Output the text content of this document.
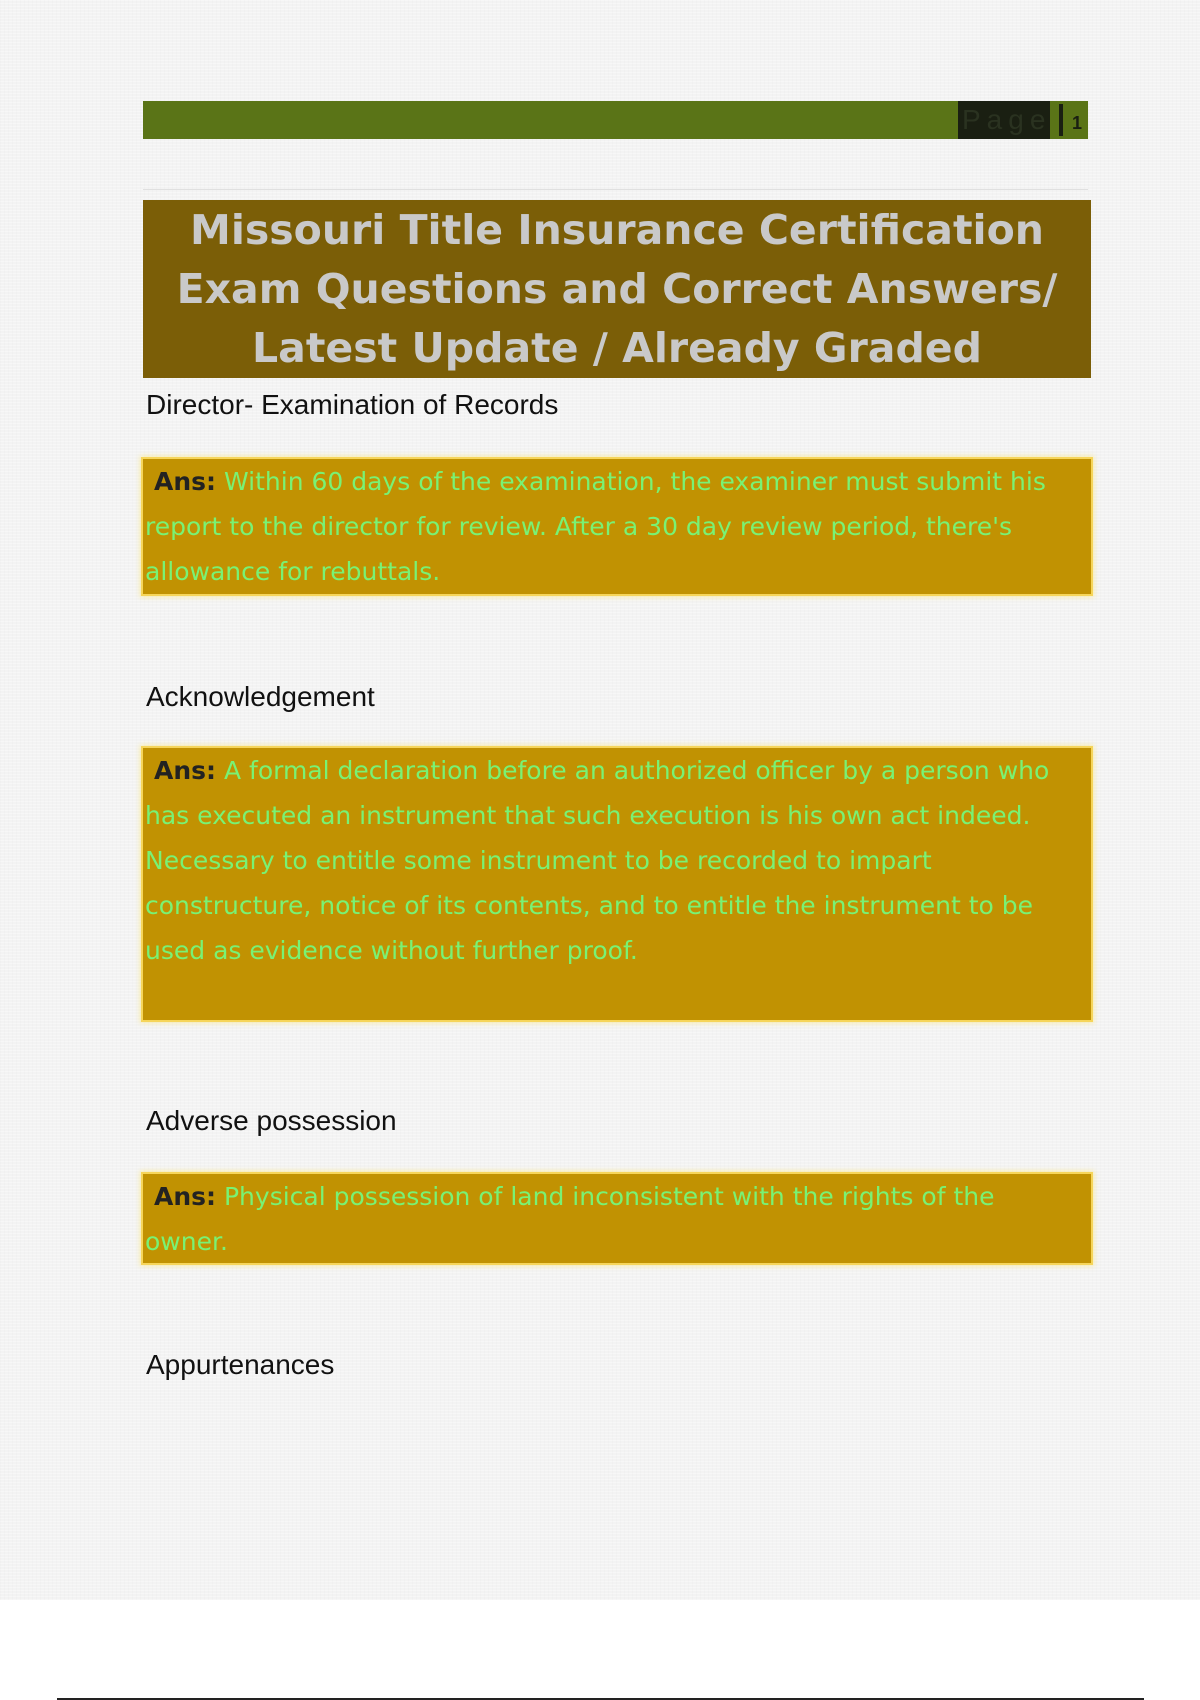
Page 1
Missouri Title Insurance Certification
Exam Questions and Correct Answers/
Latest Update / Already Graded
Director- Examination of Records
Ans: Within 60 days of the examination, the examiner must submit his report to the director for review. After a 30 day review period, there's allowance for rebuttals.
Acknowledgement
Ans: A formal declaration before an authorized officer by a person who has executed an instrument that such execution is his own act indeed. Necessary to entitle some instrument to be recorded to impart constructure, notice of its contents, and to entitle the instrument to be used as evidence without further proof.
Adverse possession
Ans: Physical possession of land inconsistent with the rights of the owner.
Appurtenances
